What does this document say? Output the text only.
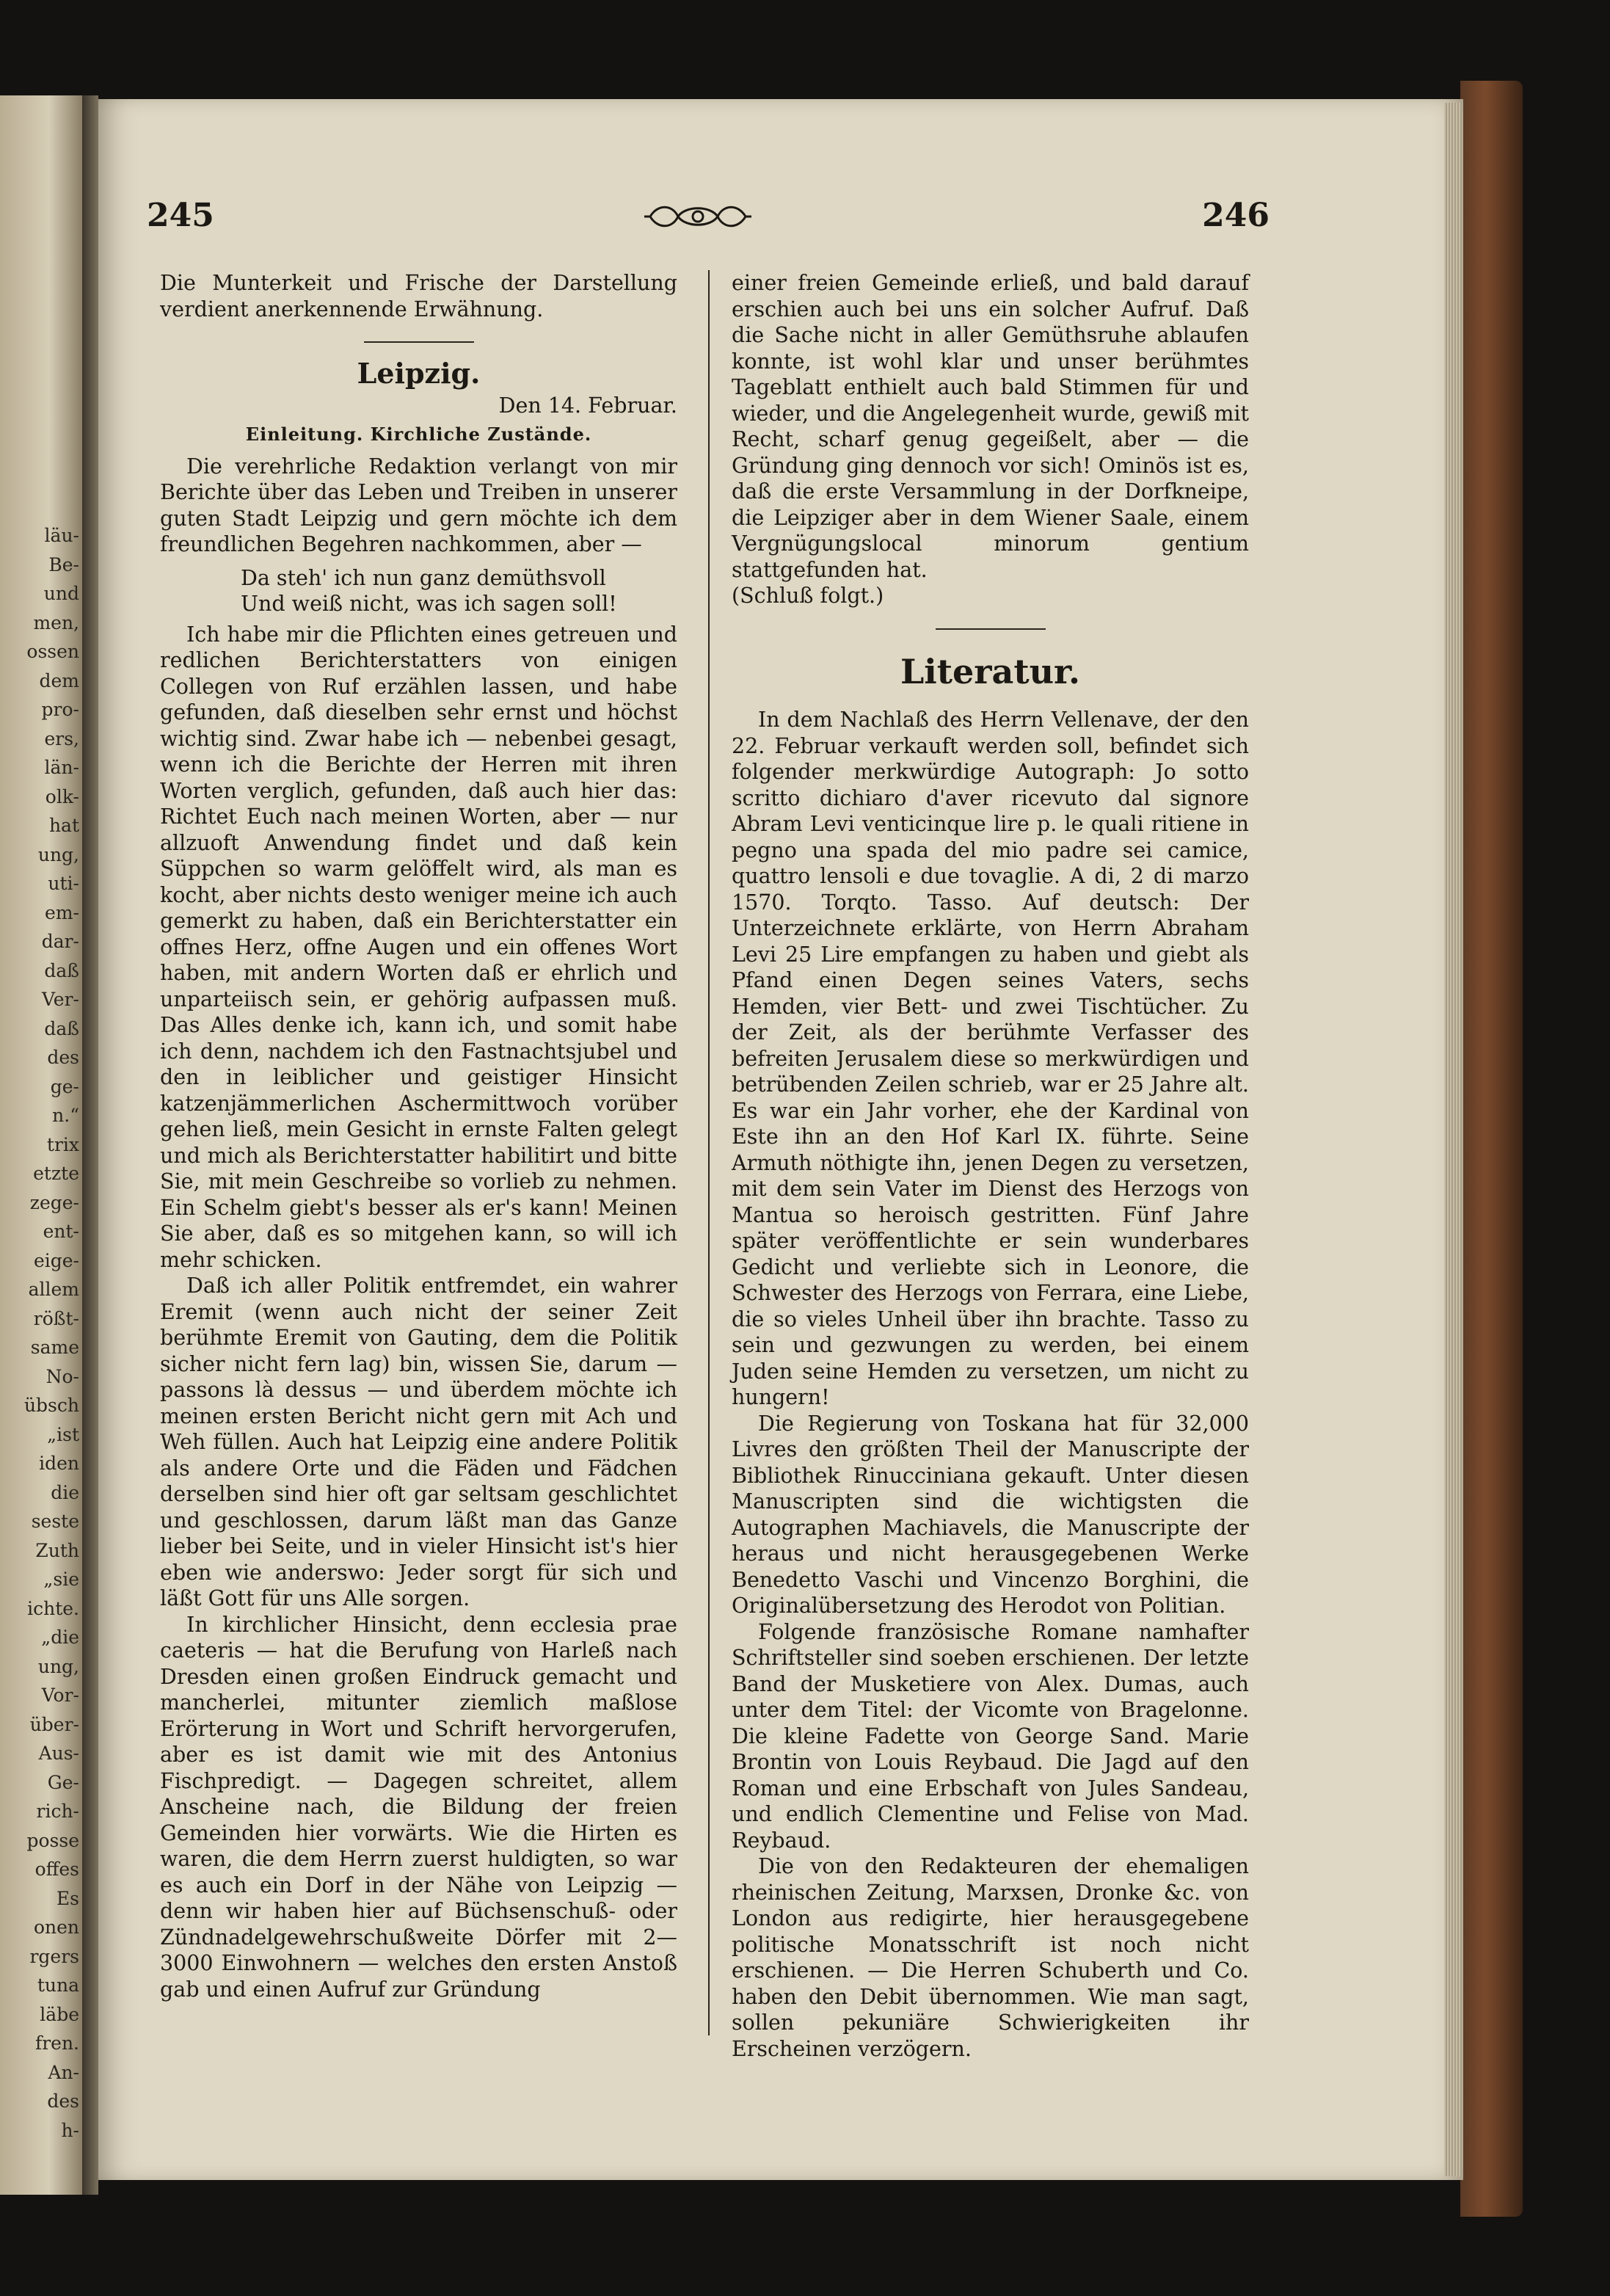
läu-
Be-
und
men,
ossen
dem
pro-
ers,
län-
olk-
hat
ung,
uti-
em-
dar-
daß
Ver-
daß
des
ge-
n.“
trix
etzte
zege-
ent-
eige-
allem
rößt-
same
No-
übsch
„ist
iden
die
seste
Zuth
„sie
ichte.
„die
ung,
Vor-
über-
Aus-
Ge-
rich-
posse
offes
Es
onen
rgers
tuna
läbe
fren.
An-
des
h-
245	246

Die Munterkeit und Frische der Darstellung verdient anerkennende Erwähnung.

Leipzig.
Den 14. Februar.
Einleitung. Kirchliche Zustände.

Die verehrliche Redaktion verlangt von mir Berichte über das Leben und Treiben in unserer guten Stadt Leipzig und gern möchte ich dem freundlichen Begehren nachkommen, aber —

Da steh' ich nun ganz demüthsvoll
Und weiß nicht, was ich sagen soll!

Ich habe mir die Pflichten eines getreuen und redlichen Berichterstatters von einigen Collegen von Ruf erzählen lassen, und habe gefunden, daß dieselben sehr ernst und höchst wichtig sind. Zwar habe ich — nebenbei gesagt, wenn ich die Berichte der Herren mit ihren Worten verglich, gefunden, daß auch hier das: Richtet Euch nach meinen Worten, aber — nur allzuoft Anwendung findet und daß kein Süppchen so warm gelöffelt wird, als man es kocht, aber nichts desto weniger meine ich auch gemerkt zu haben, daß ein Berichterstatter ein offnes Herz, offne Augen und ein offenes Wort haben, mit andern Worten daß er ehrlich und unparteiisch sein, er gehörig aufpassen muß. Das Alles denke ich, kann ich, und somit habe ich denn, nachdem ich den Fastnachtsjubel und den in leiblicher und geistiger Hinsicht katzenjämmerlichen Aschermittwoch vorüber gehen ließ, mein Gesicht in ernste Falten gelegt und mich als Berichterstatter habilitirt und bitte Sie, mit mein Geschreibe so vorlieb zu nehmen. Ein Schelm giebt's besser als er's kann! Meinen Sie aber, daß es so mitgehen kann, so will ich mehr schicken.

Daß ich aller Politik entfremdet, ein wahrer Eremit (wenn auch nicht der seiner Zeit berühmte Eremit von Gauting, dem die Politik sicher nicht fern lag) bin, wissen Sie, darum — passons là dessus — und überdem möchte ich meinen ersten Bericht nicht gern mit Ach und Weh füllen. Auch hat Leipzig eine andere Politik als andere Orte und die Fäden und Fädchen derselben sind hier oft gar seltsam geschlichtet und geschlossen, darum läßt man das Ganze lieber bei Seite, und in vieler Hinsicht ist's hier eben wie anderswo: Jeder sorgt für sich und läßt Gott für uns Alle sorgen.

In kirchlicher Hinsicht, denn ecclesia prae caeteris — hat die Berufung von Harleß nach Dresden einen großen Eindruck gemacht und mancherlei, mitunter ziemlich maßlose Erörterung in Wort und Schrift hervorgerufen, aber es ist damit wie mit des Antonius Fischpredigt. — Dagegen schreitet, allem Anscheine nach, die Bildung der freien Gemeinden hier vorwärts. Wie die Hirten es waren, die dem Herrn zuerst huldigten, so war es auch ein Dorf in der Nähe von Leipzig — denn wir haben hier auf Büchsenschuß- oder Zündnadelgewehrschußweite Dörfer mit 2—3000 Einwohnern — welches den ersten Anstoß gab und einen Aufruf zur Gründung

einer freien Gemeinde erließ, und bald darauf erschien auch bei uns ein solcher Aufruf. Daß die Sache nicht in aller Gemüthsruhe ablaufen konnte, ist wohl klar und unser berühmtes Tageblatt enthielt auch bald Stimmen für und wieder, und die Angelegenheit wurde, gewiß mit Recht, scharf genug gegeißelt, aber — die Gründung ging dennoch vor sich! Ominös ist es, daß die erste Versammlung in der Dorfkneipe, die Leipziger aber in dem Wiener Saale, einem Vergnügungslocal minorum gentium stattgefunden hat.

(Schluß folgt.)

Literatur.

In dem Nachlaß des Herrn Vellenave, der den 22. Februar verkauft werden soll, befindet sich folgender merkwürdige Autograph: Jo sotto scritto dichiaro d'aver ricevuto dal signore Abram Levi venticinque lire p. le quali ritiene in pegno una spada del mio padre sei camice, quattro lensoli e due tovaglie. A di, 2 di marzo 1570. Torqto. Tasso. Auf deutsch: Der Unterzeichnete erklärte, von Herrn Abraham Levi 25 Lire empfangen zu haben und giebt als Pfand einen Degen seines Vaters, sechs Hemden, vier Bett- und zwei Tischtücher. Zu der Zeit, als der berühmte Verfasser des befreiten Jerusalem diese so merkwürdigen und betrübenden Zeilen schrieb, war er 25 Jahre alt. Es war ein Jahr vorher, ehe der Kardinal von Este ihn an den Hof Karl IX. führte. Seine Armuth nöthigte ihn, jenen Degen zu versetzen, mit dem sein Vater im Dienst des Herzogs von Mantua so heroisch gestritten. Fünf Jahre später veröffentlichte er sein wunderbares Gedicht und verliebte sich in Leonore, die Schwester des Herzogs von Ferrara, eine Liebe, die so vieles Unheil über ihn brachte. Tasso zu sein und gezwungen zu werden, bei einem Juden seine Hemden zu versetzen, um nicht zu hungern!

Die Regierung von Toskana hat für 32,000 Livres den größten Theil der Manuscripte der Bibliothek Rinucciniana gekauft. Unter diesen Manuscripten sind die wichtigsten die Autographen Machiavels, die Manuscripte der heraus und nicht herausgegebenen Werke Benedetto Vaschi und Vincenzo Borghini, die Originalübersetzung des Herodot von Politian.

Folgende französische Romane namhafter Schriftsteller sind soeben erschienen. Der letzte Band der Musketiere von Alex. Dumas, auch unter dem Titel: der Vicomte von Bragelonne. Die kleine Fadette von George Sand. Marie Brontin von Louis Reybaud. Die Jagd auf den Roman und eine Erbschaft von Jules Sandeau, und endlich Clementine und Felise von Mad. Reybaud.

Die von den Redakteuren der ehemaligen rheinischen Zeitung, Marxsen, Dronke &c. von London aus redigirte, hier herausgegebene politische Monatsschrift ist noch nicht erschienen. — Die Herren Schuberth und Co. haben den Debit übernommen. Wie man sagt, sollen pekuniäre Schwierigkeiten ihr Erscheinen verzögern.
